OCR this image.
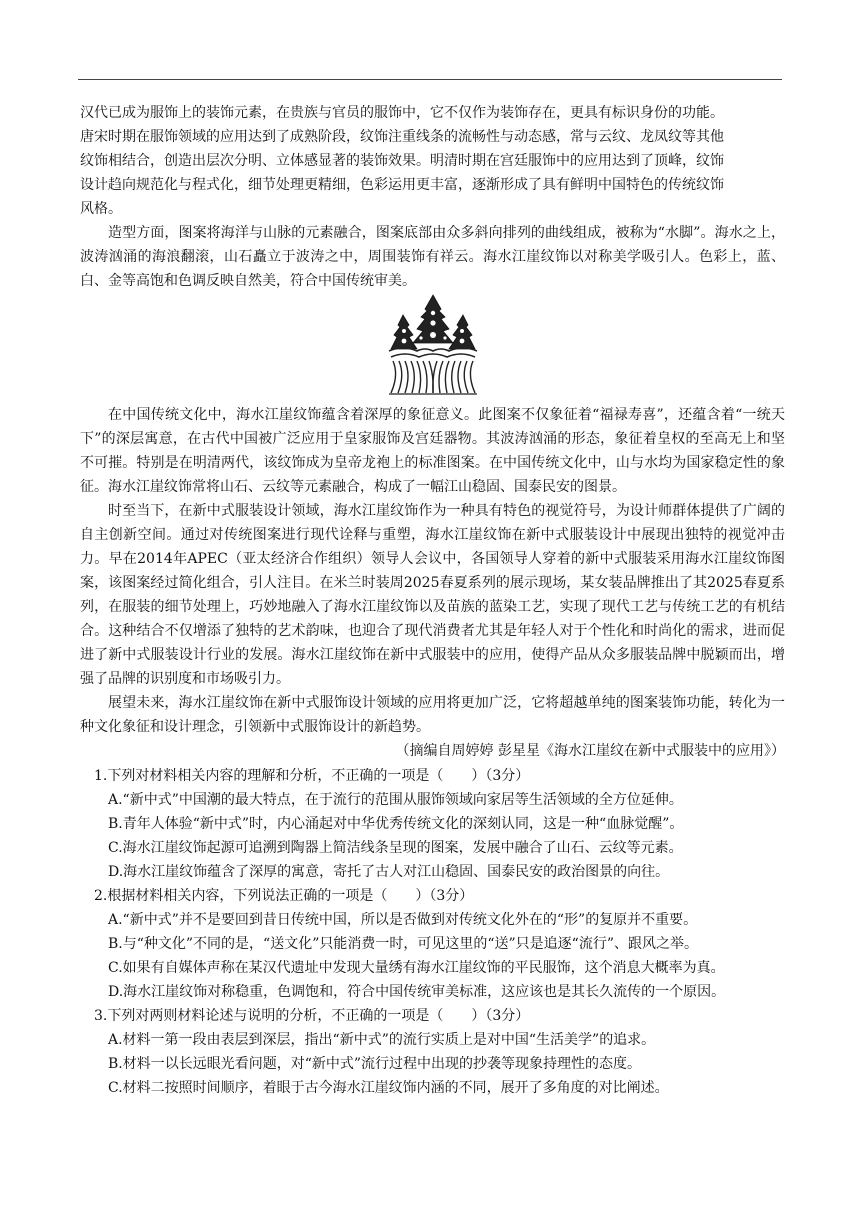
汉代已成为服饰上的装饰元素，在贵族与官员的服饰中，它不仅作为装饰存在，更具有标识身份的功能。

唐宋时期在服饰领域的应用达到了成熟阶段，纹饰注重线条的流畅性与动态感，常与云纹、龙凤纹等其他

纹饰相结合，创造出层次分明、立体感显著的装饰效果。明清时期在宫廷服饰中的应用达到了顶峰，纹饰

设计趋向规范化与程式化，细节处理更精细，色彩运用更丰富，逐渐形成了具有鲜明中国特色的传统纹饰

风格。

造型方面，图案将海洋与山脉的元素融合，图案底部由众多斜向排列的曲线组成，被称为“水脚”。海水之上，波涛汹涌的海浪翻滚，山石矗立于波涛之中，周围装饰有祥云。海水江崖纹饰以对称美学吸引人。色彩上，蓝、白、金等高饱和色调反映自然美，符合中国传统审美。

在中国传统文化中，海水江崖纹饰蕴含着深厚的象征意义。此图案不仅象征着“福禄寿喜”，还蕴含着“一统天下”的深层寓意，在古代中国被广泛应用于皇家服饰及宫廷器物。其波涛汹涌的形态，象征着皇权的至高无上和坚不可摧。特别是在明清两代，该纹饰成为皇帝龙袍上的标准图案。在中国传统文化中，山与水均为国家稳定性的象征。海水江崖纹饰常将山石、云纹等元素融合，构成了一幅江山稳固、国泰民安的图景。

时至当下，在新中式服装设计领域，海水江崖纹饰作为一种具有特色的视觉符号，为设计师群体提供了广阔的自主创新空间。通过对传统图案进行现代诠释与重塑，海水江崖纹饰在新中式服装设计中展现出独特的视觉冲击力。早在2014年APEC（亚太经济合作组织）领导人会议中，各国领导人穿着的新中式服装采用海水江崖纹饰图案，该图案经过简化组合，引人注目。在米兰时装周2025春夏系列的展示现场，某女装品牌推出了其2025春夏系列，在服装的细节处理上，巧妙地融入了海水江崖纹饰以及苗族的蓝染工艺，实现了现代工艺与传统工艺的有机结合。这种结合不仅增添了独特的艺术韵味，也迎合了现代消费者尤其是年轻人对于个性化和时尚化的需求，进而促进了新中式服装设计行业的发展。海水江崖纹饰在新中式服装中的应用，使得产品从众多服装品牌中脱颖而出，增强了品牌的识别度和市场吸引力。

展望未来，海水江崖纹饰在新中式服饰设计领域的应用将更加广泛，它将超越单纯的图案装饰功能，转化为一种文化象征和设计理念，引领新中式服饰设计的新趋势。

（摘编自周婷婷 彭星星《海水江崖纹在新中式服装中的应用》）

1.下列对材料相关内容的理解和分析，不正确的一项是（　　）（3分）

A.“新中式”中国潮的最大特点，在于流行的范围从服饰领域向家居等生活领域的全方位延伸。

B.青年人体验“新中式”时，内心涌起对中华优秀传统文化的深刻认同，这是一种“血脉觉醒”。

C.海水江崖纹饰起源可追溯到陶器上简洁线条呈现的图案，发展中融合了山石、云纹等元素。

D.海水江崖纹饰蕴含了深厚的寓意，寄托了古人对江山稳固、国泰民安的政治图景的向往。

2.根据材料相关内容，下列说法正确的一项是（　　）（3分）

A.“新中式”并不是要回到昔日传统中国，所以是否做到对传统文化外在的“形”的复原并不重要。

B.与“种文化”不同的是，“送文化”只能消费一时，可见这里的“送”只是追逐“流行”、跟风之举。

C.如果有自媒体声称在某汉代遗址中发现大量绣有海水江崖纹饰的平民服饰，这个消息大概率为真。

D.海水江崖纹饰对称稳重，色调饱和，符合中国传统审美标准，这应该也是其长久流传的一个原因。

3.下列对两则材料论述与说明的分析，不正确的一项是（　　）（3分）

A.材料一第一段由表层到深层，指出“新中式”的流行实质上是对中国“生活美学”的追求。

B.材料一以长远眼光看问题，对“新中式”流行过程中出现的抄袭等现象持理性的态度。

C.材料二按照时间顺序，着眼于古今海水江崖纹饰内涵的不同，展开了多角度的对比阐述。
